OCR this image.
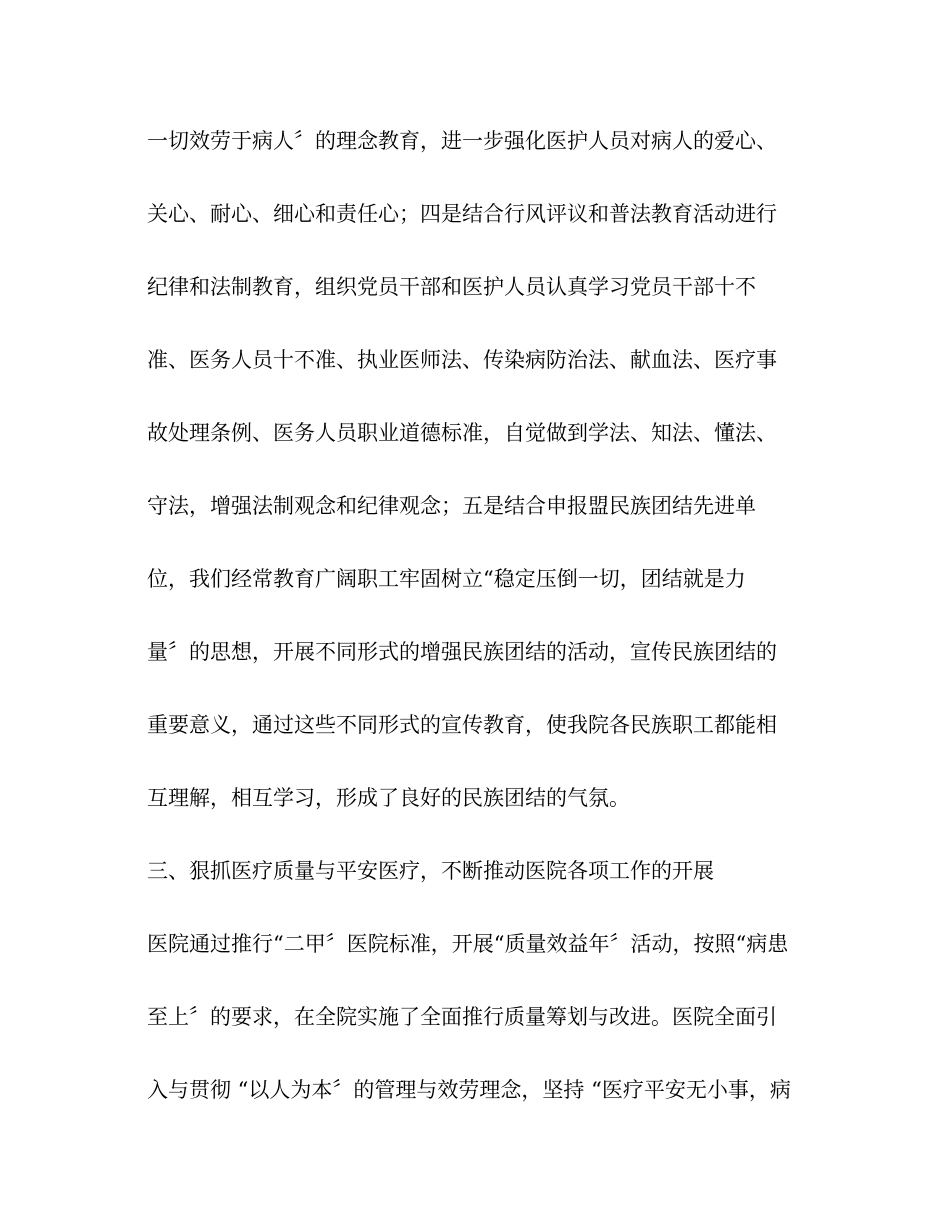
一切效劳于病人〞的理念教育，进一步强化医护人员对病人的爱心、
关心、耐心、细心和责任心；四是结合行风评议和普法教育活动进行
纪律和法制教育，组织党员干部和医护人员认真学习党员干部十不
准、医务人员十不准、执业医师法、传染病防治法、献血法、医疗事
故处理条例、医务人员职业道德标准，自觉做到学法、知法、懂法、
守法，增强法制观念和纪律观念；五是结合申报盟民族团结先进单
位，我们经常教育广阔职工牢固树立“稳定压倒一切，团结就是力
量〞的思想，开展不同形式的增强民族团结的活动，宣传民族团结的
重要意义，通过这些不同形式的宣传教育，使我院各民族职工都能相
互理解，相互学习，形成了良好的民族团结的气氛。
三、狠抓医疗质量与平安医疗，不断推动医院各项工作的开展
医院通过推行“二甲〞医院标准，开展“质量效益年〞活动，按照“病患
至上〞的要求，在全院实施了全面推行质量筹划与改进。医院全面引
入与贯彻 “以人为本〞的管理与效劳理念，坚持 “医疗平安无小事，病
